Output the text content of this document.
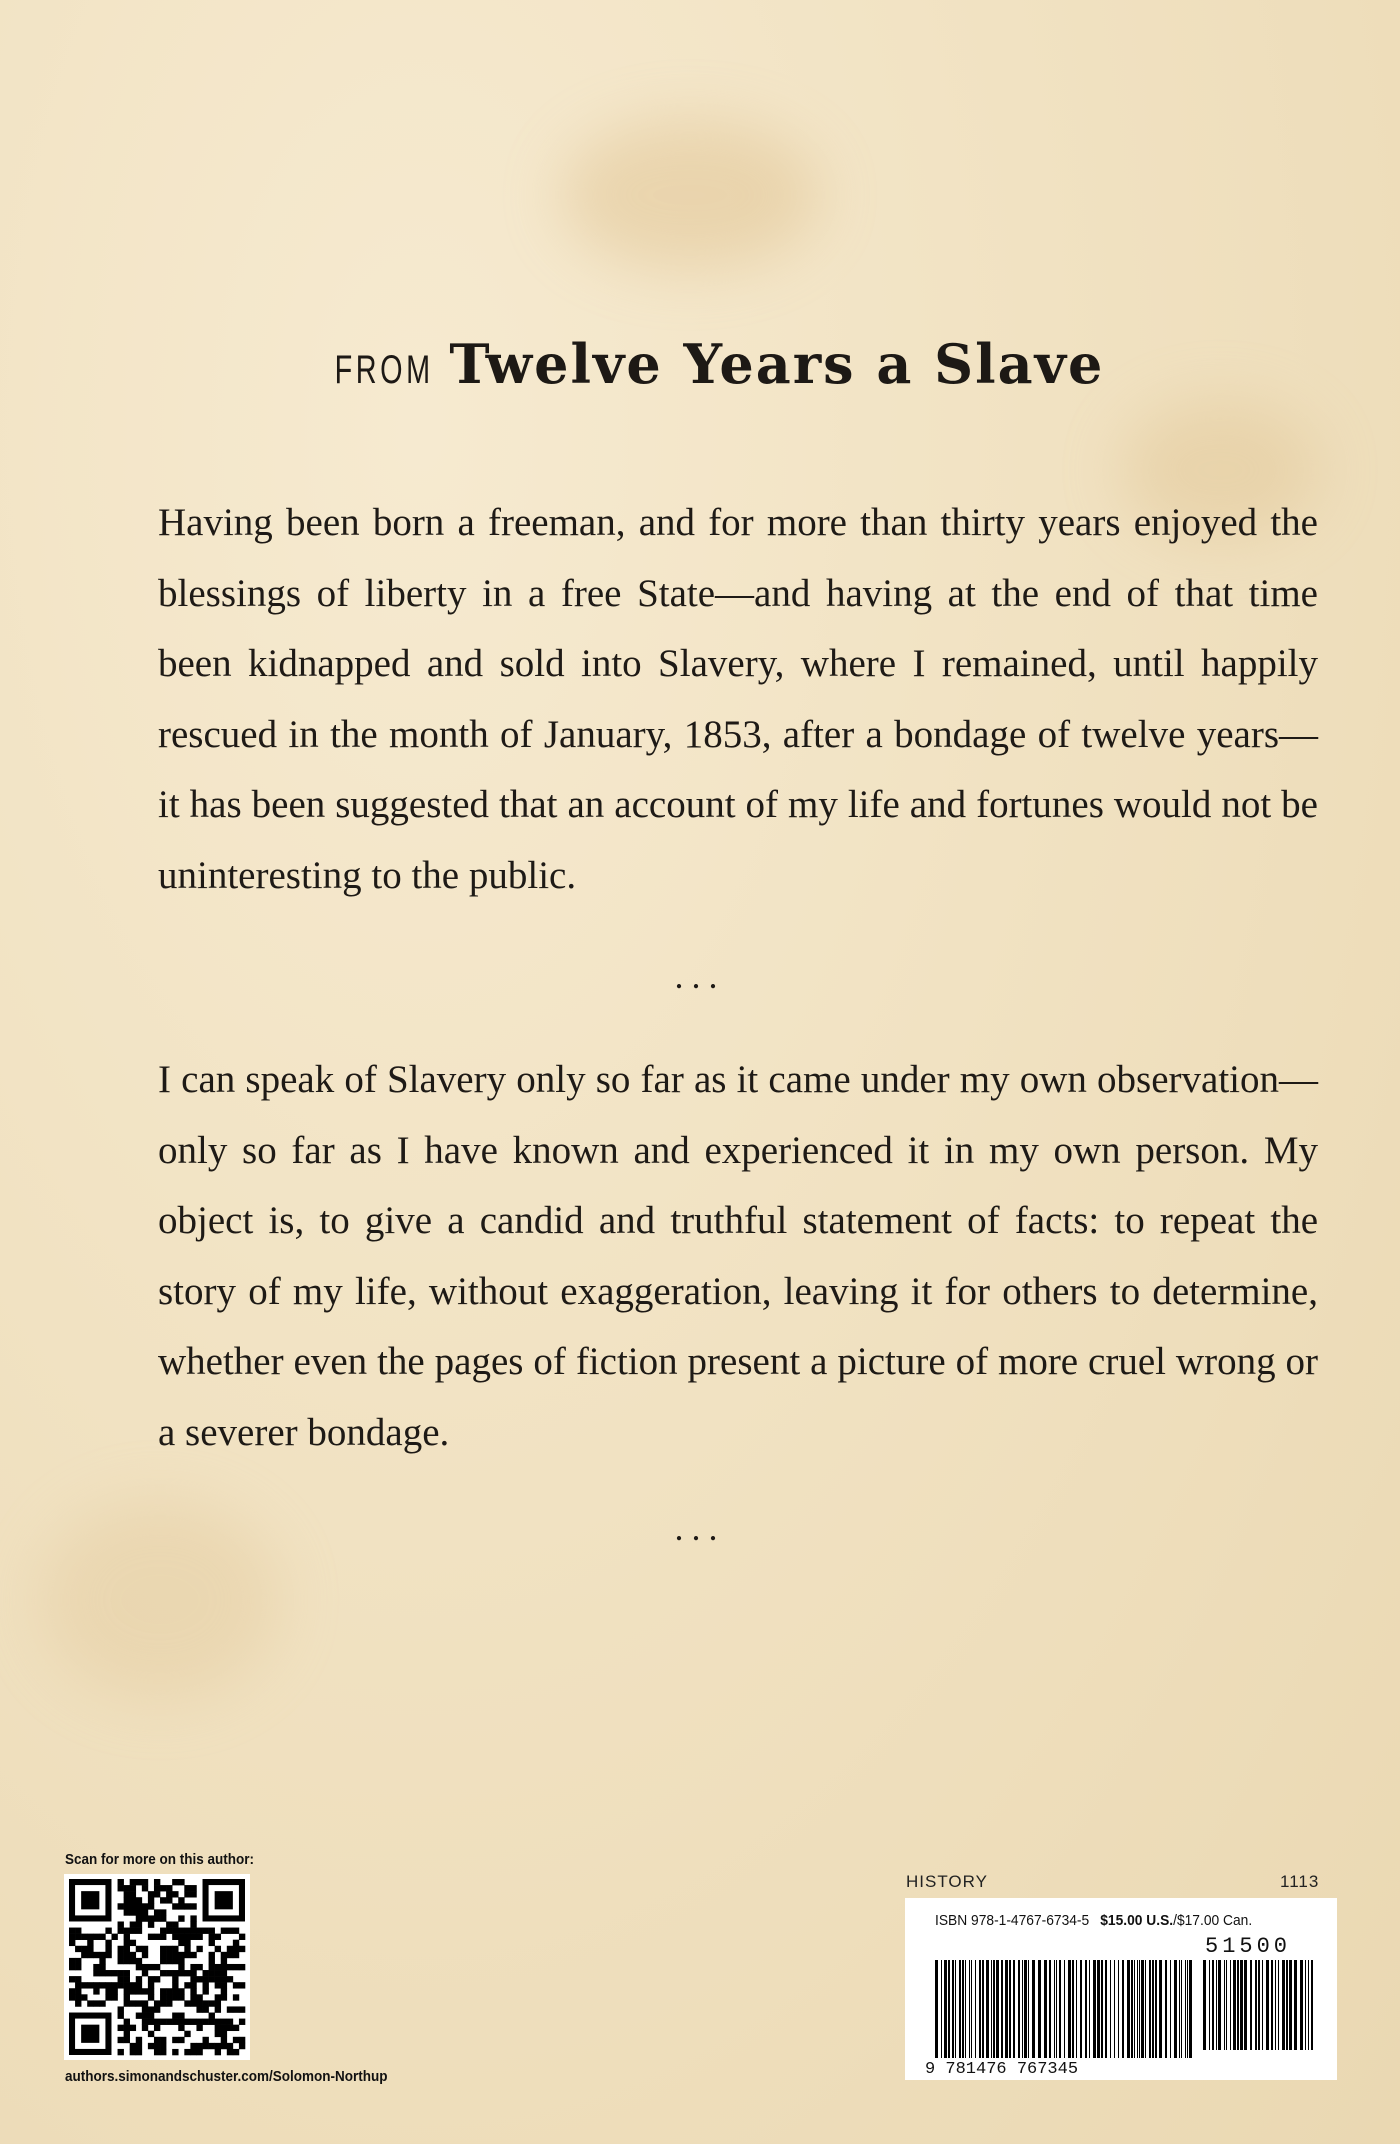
FROM Twelve Years a Slave

Having been born a freeman, and for more than thirty years enjoyed the blessings of liberty in a free State—and having at the end of that time been kidnapped and sold into Slavery, where I remained, until happily rescued in the month of January, 1853, after a bondage of twelve years—it has been suggested that an account of my life and fortunes would not be uninteresting to the public.

...

I can speak of Slavery only so far as it came under my own observation—only so far as I have known and experienced it in my own person. My object is, to give a candid and truthful statement of facts: to repeat the story of my life, without exaggeration, leaving it for others to determine, whether even the pages of fiction present a picture of more cruel wrong or a severer bondage.

...
Scan for more on this author:
authors.simonandschuster.com/Solomon-Northup
HISTORY	1113
ISBN 978-1-4767-6734-5 $15.00 U.S./$17.00 Can.
51500
9 781476 767345
